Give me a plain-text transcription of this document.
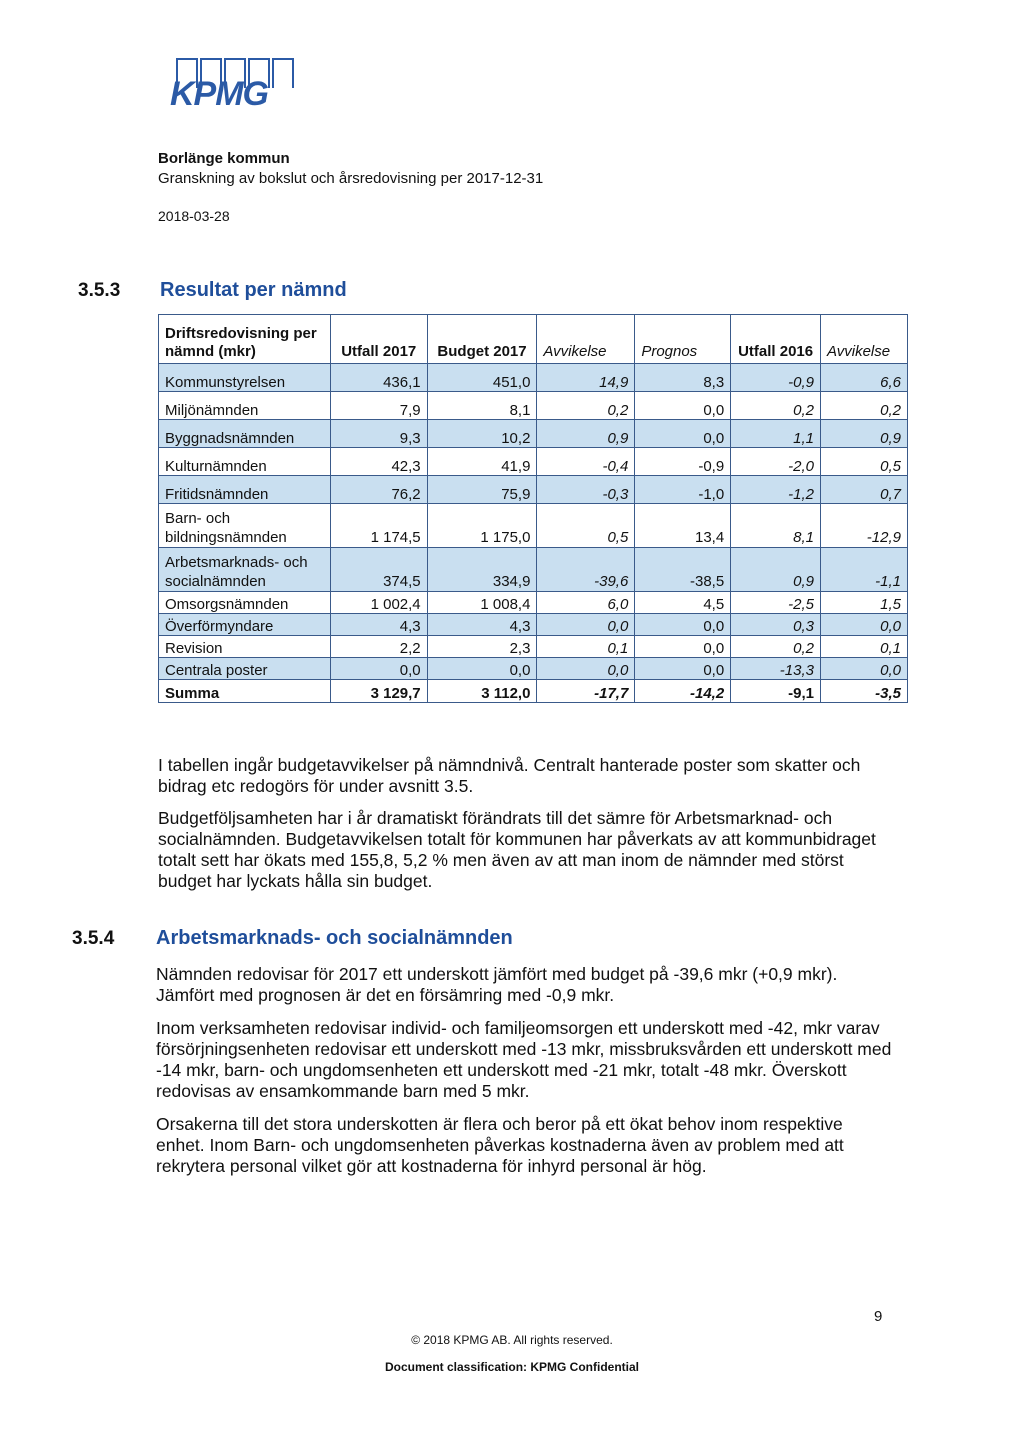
KPMG
Borlänge kommun
Granskning av bokslut och årsredovisning per 2017-12-31
2018-03-28
3.5.3 Resultat per nämnd
Driftsredovisning per nämnd (mkr)	Utfall 2017	Budget 2017	Avvikelse	Prognos	Utfall 2016	Avvikelse
Kommunstyrelsen	436,1	451,0	14,9	8,3	-0,9	6,6
Miljönämnden	7,9	8,1	0,2	0,0	0,2	0,2
Byggnadsnämnden	9,3	10,2	0,9	0,0	1,1	0,9
Kulturnämnden	42,3	41,9	-0,4	-0,9	-2,0	0,5
Fritidsnämnden	76,2	75,9	-0,3	-1,0	-1,2	0,7
Barn- och bildningsnämnden	1 174,5	1 175,0	0,5	13,4	8,1	-12,9
Arbetsmarknads- och socialnämnden	374,5	334,9	-39,6	-38,5	0,9	-1,1
Omsorgsnämnden	1 002,4	1 008,4	6,0	4,5	-2,5	1,5
Överförmyndare	4,3	4,3	0,0	0,0	0,3	0,0
Revision	2,2	2,3	0,1	0,0	0,2	0,1
Centrala poster	0,0	0,0	0,0	0,0	-13,3	0,0
Summa	3 129,7	3 112,0	-17,7	-14,2	-9,1	-3,5

I tabellen ingår budgetavvikelser på nämndnivå. Centralt hanterade poster som skatter och bidrag etc redogörs för under avsnitt 3.5.

Budgetföljsamheten har i år dramatiskt förändrats till det sämre för Arbetsmarknad- och socialnämnden. Budgetavvikelsen totalt för kommunen har påverkats av att kommunbidraget totalt sett har ökats med 155,8, 5,2 % men även av att man inom de nämnder med störst budget har lyckats hålla sin budget.

3.5.4 Arbetsmarknads- och socialnämnden

Nämnden redovisar för 2017 ett underskott jämfört med budget på -39,6 mkr (+0,9 mkr). Jämfört med prognosen är det en försämring med -0,9 mkr.

Inom verksamheten redovisar individ- och familjeomsorgen ett underskott med -42, mkr varav försörjningsenheten redovisar ett underskott med -13 mkr, missbruksvården ett underskott med -14 mkr, barn- och ungdomsenheten ett underskott med -21 mkr, totalt -48 mkr. Överskott redovisas av ensamkommande barn med 5 mkr.

Orsakerna till det stora underskotten är flera och beror på ett ökat behov inom respektive enhet. Inom Barn- och ungdomsenheten påverkas kostnaderna även av problem med att rekrytera personal vilket gör att kostnaderna för inhyrd personal är hög.

9
© 2018 KPMG AB. All rights reserved.
Document classification: KPMG Confidential
